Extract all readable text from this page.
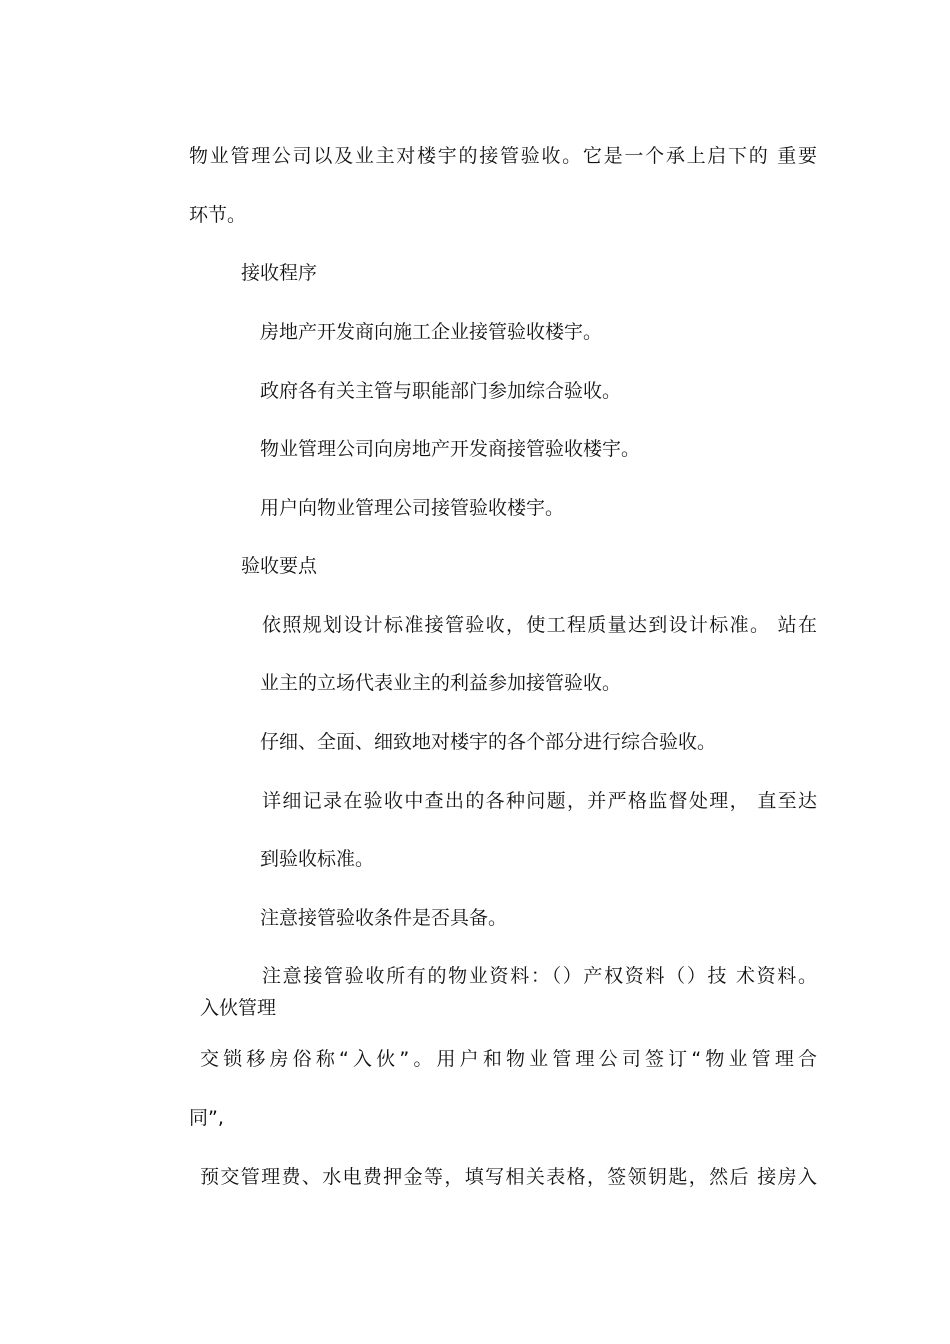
物业管理公司以及业主对楼宇的接管验收。它是一个承上启下的 重要

环节。

接收程序

房地产开发商向施工企业接管验收楼宇。

政府各有关主管与职能部门参加综合验收。

物业管理公司向房地产开发商接管验收楼宇。

用户向物业管理公司接管验收楼宇。

验收要点

依照规划设计标准接管验收，使工程质量达到设计标准。 站在

业主的立场代表业主的利益参加接管验收。

仔细、全面、细致地对楼宇的各个部分进行综合验收。

详细记录在验收中查出的各种问题，并严格监督处理， 直至达

到验收标准。

注意接管验收条件是否具备。

注意接管验收所有的物业资料：（）产权资料（）技 术资料。

入伙管理

交锁移房俗称“入伙”。用户和物业管理公司签订“物业管理合

同”,

预交管理费、水电费押金等，填写相关表格，签领钥匙，然后 接房入
